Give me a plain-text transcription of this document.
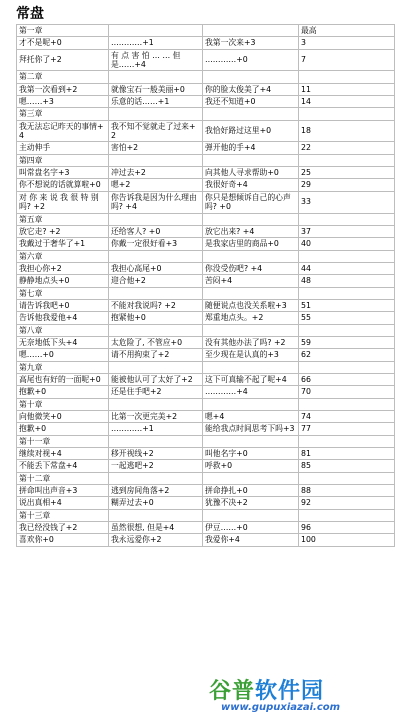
常盘
第一章			最高
才不是呢+0	…………+1	我第一次来+3	3
拜托你了+2	有 点 害 怕 … … 但是……+4	…………+0	7
第二章			
我第一次看到+2	就像宝石一般美丽+0	你的脸太俊美了+4	11
嗯……+3	乐意的话……+1	我还不知道+0	14
第三章			
我无法忘记昨天的事情+4	我不知不觉就走了过来+2	我恰好路过这里+0	18
主动伸手	害怕+2	弹开他的手+4	22
第四章			
叫常盘名字+3	冲过去+2	向其他人寻求帮助+0	25
你不想说的话就算啦+0	嗯+2	我很好奇+4	29
对 你 来 说 我 很 特 别吗? +2	你告诉我是因为什么理由吗? +4	你只是想倾诉自己的心声吗? +0	33
第五章			
放它走? +2	还给客人? +0	放它出来? +4	37
我戴过于奢华了+1	你戴一定很好看+3	是我家店里的商品+0	40
第六章			
我担心你+2	我担心高尾+0	你没受伤吧? +4	44
静静地点头+0	迎合他+2	苦闷+4	48
第七章			
请告诉我吧+0	不能对我说吗? +2	随便说点也没关系啦+3	51
告诉他我爱他+4	抱紧他+0	郑重地点头。+2	55
第八章			
无奈地低下头+4	太危险了, 不管应+0	没有其他办法了吗? +2	59
嗯……+0	请不用拘束了+2	至少现在是认真的+3	62
第九章			
高尾也有好的一面呢+0	能被他认可了太好了+2	这下可真输不起了呢+4	66
抱歉+0	还是住手吧+2	…………+4	70
第十章			
向他微笑+0	比第一次更完美+2	嗯+4	74
抱歉+0	…………+1	能给我点时间思考下吗+3	77
第十一章			
继续对视+4	移开视线+2	叫他名字+0	81
不能丢下常盘+4	一起逃吧+2	呼救+0	85
第十二章			
拼命叫出声音+3	逃到房间角落+2	拼命挣扎+0	88
说出真相+4	糊弄过去+0	犹豫不决+2	92
第十三章			
我已经没钱了+2	虽然很想, 但是+4	伊豆……+0	96
喜欢你+0	我永远爱你+2	我爱你+4	100
谷普软件园
www.gupuxiazai.com
